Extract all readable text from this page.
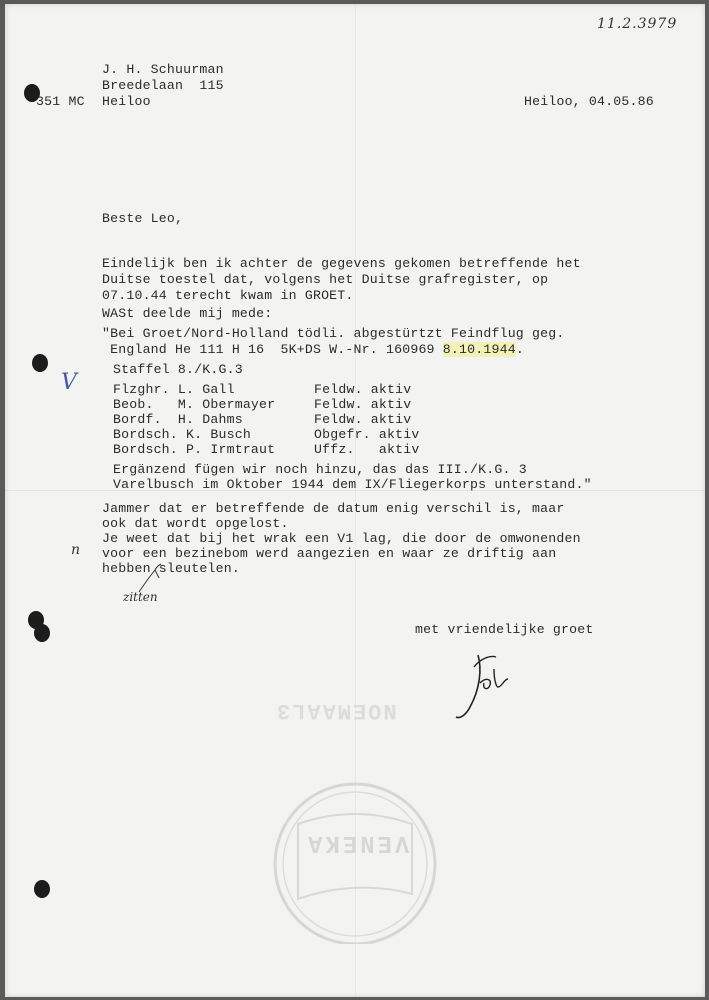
11.2.3979
J. H. Schuurman
Breedelaan  115
351 MC Heiloo	Heiloo, 04.05.86
Beste Leo,
Eindelijk ben ik achter de gegevens gekomen betreffende het
Duitse toestel dat, volgens het Duitse grafregister, op
07.10.44 terecht kwam in GROET.
WASt deelde mij mede:
"Bei Groet/Nord-Holland tödli. abgestürtzt Feindflug geg.
England He 111 H 16  5K+DS W.-Nr. 160969 8.10.1944.
Staffel 8./K.G.3
Flzghr. L. Gall	Feldw. aktiv
Beob.   M. Obermayer	Feldw. aktiv
Bordf.  H. Dahms	Feldw. aktiv
Bordsch. K. Busch	Obgefr. aktiv
Bordsch. P. Irmtraut	Uffz.   aktiv
Ergänzend fügen wir noch hinzu, das das III./K.G. 3
Varelbusch im Oktober 1944 dem IX/Fliegerkorps unterstand."
Jammer dat er betreffende de datum enig verschil is, maar
ook dat wordt opgelost.
Je weet dat bij het wrak een V1 lag, die door de omwonenden
voor een bezinebom werd aangezien en waar ze driftig aan
hebben sleutelen.
V
n
zitten
met vriendelijke groet
NOEMAAL3
VENEKA
